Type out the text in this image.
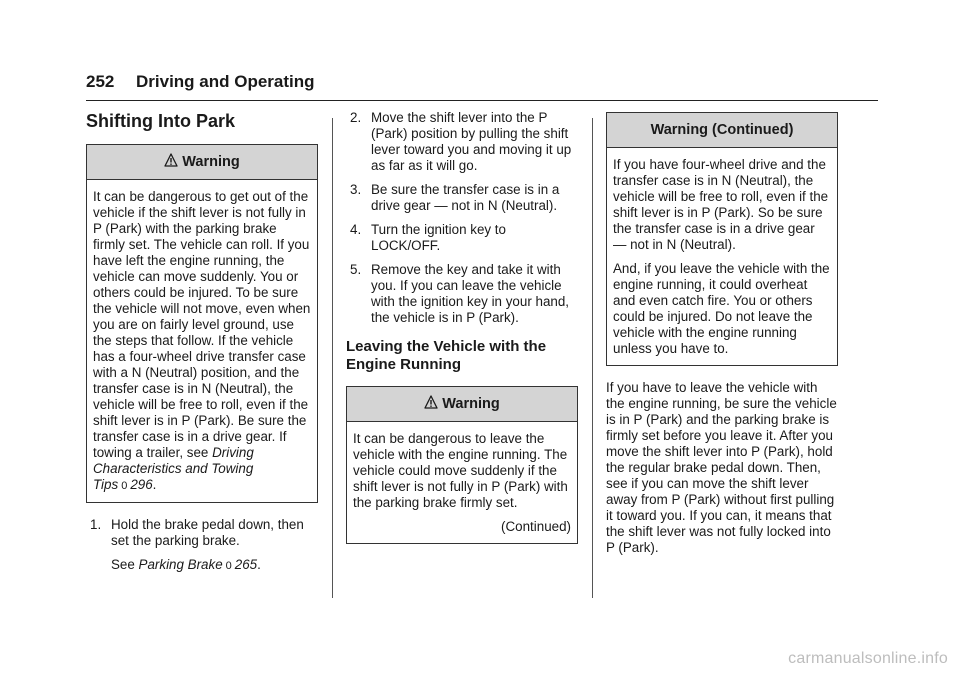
252 Driving and Operating
Shifting Into Park
Warning

It can be dangerous to get out of the vehicle if the shift lever is not fully in P (Park) with the parking brake firmly set. The vehicle can roll. If you have left the engine running, the vehicle can move suddenly. You or others could be injured. To be sure the vehicle will not move, even when you are on fairly level ground, use the steps that follow. If the vehicle has a four-wheel drive transfer case with a N (Neutral) position, and the transfer case is in N (Neutral), the vehicle will be free to roll, even if the shift lever is in P (Park). Be sure the transfer case is in a drive gear. If towing a trailer, see Driving Characteristics and Towing Tips 0 296.

1. Hold the brake pedal down, then set the parking brake.

See Parking Brake 0 265.

2. Move the shift lever into the P (Park) position by pulling the shift lever toward you and moving it up as far as it will go.
3. Be sure the transfer case is in a drive gear — not in N (Neutral).
4. Turn the ignition key to LOCK/OFF.
5. Remove the key and take it with you. If you can leave the vehicle with the ignition key in your hand, the vehicle is in P (Park).
Leaving the Vehicle with the Engine Running
Warning

It can be dangerous to leave the vehicle with the engine running. The vehicle could move suddenly if the shift lever is not fully in P (Park) with the parking brake firmly set.

(Continued)
Warning (Continued)

If you have four-wheel drive and the transfer case is in N (Neutral), the vehicle will be free to roll, even if the shift lever is in P (Park). So be sure the transfer case is in a drive gear — not in N (Neutral).

And, if you leave the vehicle with the engine running, it could overheat and even catch fire. You or others could be injured. Do not leave the vehicle with the engine running unless you have to.

If you have to leave the vehicle with the engine running, be sure the vehicle is in P (Park) and the parking brake is firmly set before you leave it. After you move the shift lever into P (Park), hold the regular brake pedal down. Then, see if you can move the shift lever away from P (Park) without first pulling it toward you. If you can, it means that the shift lever was not fully locked into P (Park).

carmanualsonline.info
